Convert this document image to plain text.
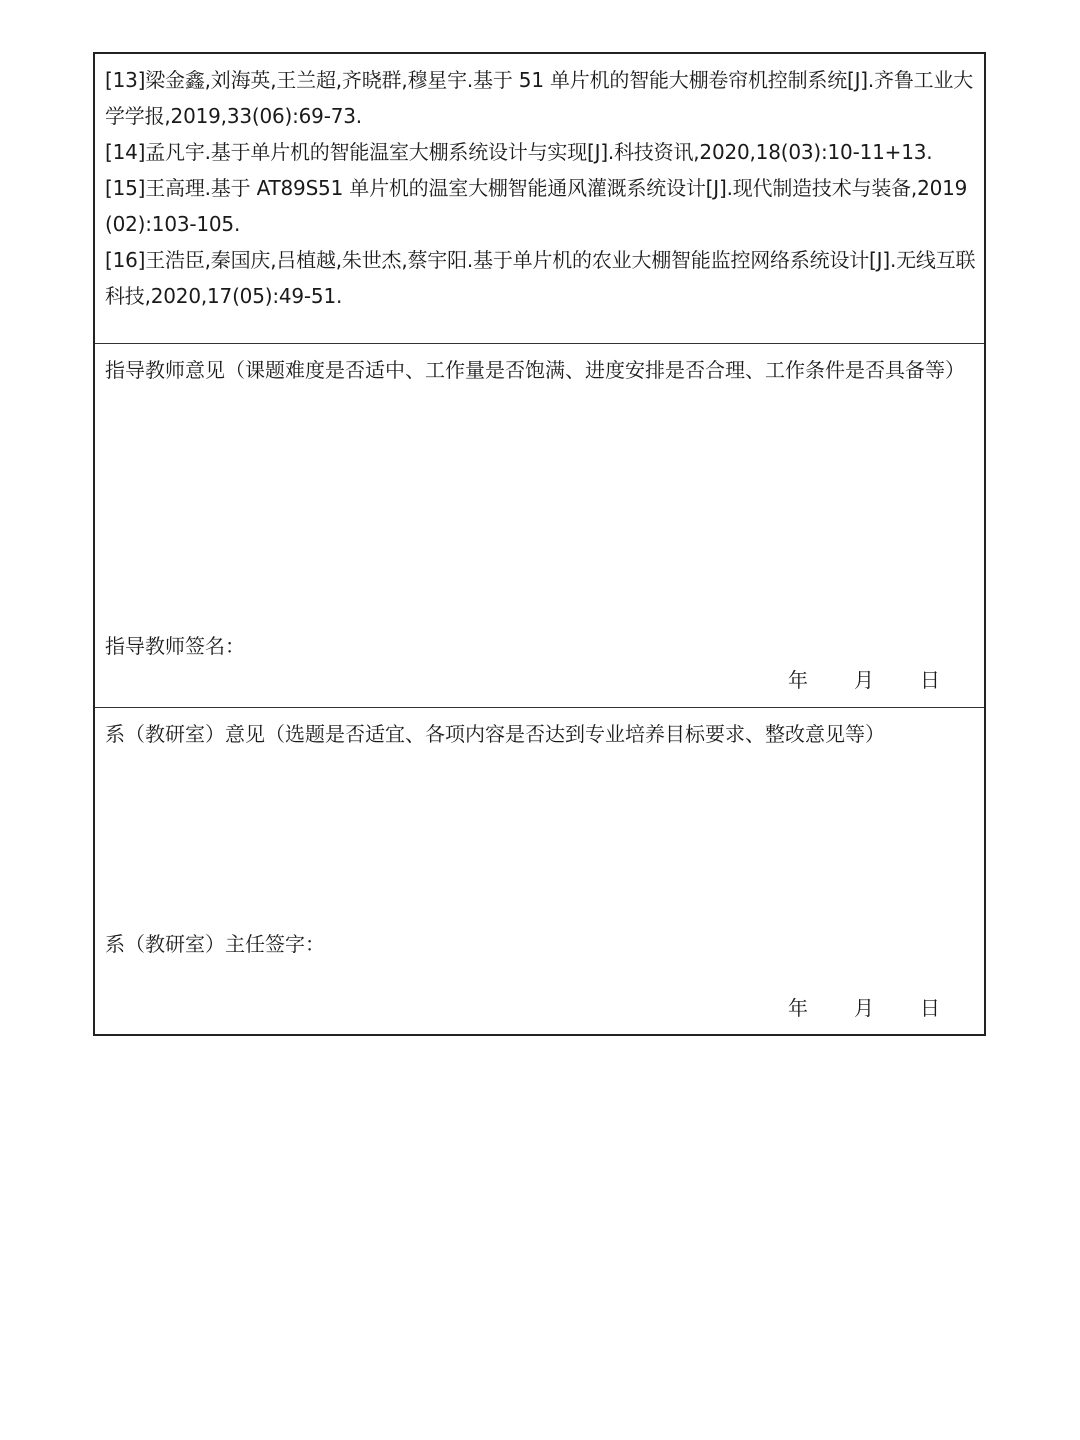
[13]梁金鑫,刘海英,王兰超,齐晓群,穆星宇.基于 51 单片机的智能大棚卷帘机控制系统[J].齐鲁工业大学学报,2019,33(06):69-73.

[14]孟凡宇.基于单片机的智能温室大棚系统设计与实现[J].科技资讯,2020,18(03):10-11+13.

[15]王高理.基于 AT89S51 单片机的温室大棚智能通风灌溉系统设计[J].现代制造技术与装备,2019(02):103-105.

[16]王浩臣,秦国庆,吕植越,朱世杰,蔡宇阳.基于单片机的农业大棚智能监控网络系统设计[J].无线互联科技,2020,17(05):49-51.

指导教师意见（课题难度是否适中、工作量是否饱满、进度安排是否合理、工作条件是否具备等）

指导教师签名：
年	月	日

系（教研室）意见（选题是否适宜、各项内容是否达到专业培养目标要求、整改意见等）

系（教研室）主任签字：
年	月	日
